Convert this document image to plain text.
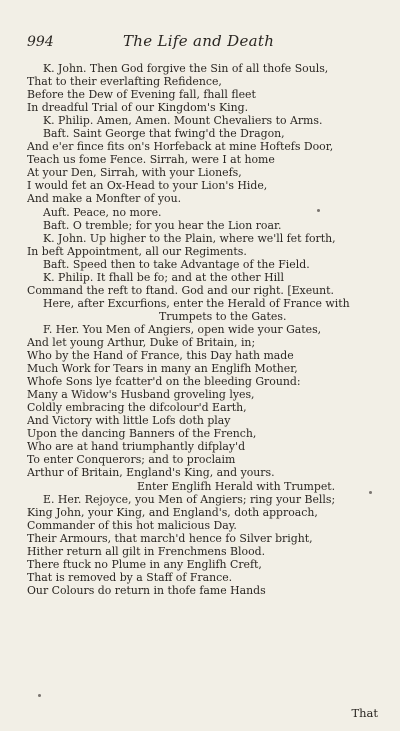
994	The Life and Death
K. John. Then God forgive the Sin of all thofe Souls,
That to their everlafting Refidence,
Before the Dew of Evening fall, fhall fleet
In dreadful Trial of our Kingdom's King.
K. Philip. Amen, Amen. Mount Chevaliers to Arms.
Baft. Saint George that fwing'd the Dragon,
And e'er fince fits on's Horfeback at mine Hoftefs Door,
Teach us fome Fence. Sirrah, were I at home
At your Den, Sirrah, with your Lionefs,
I would fet an Ox-Head to your Lion's Hide,
And make a Monfter of you.
Auft. Peace, no more.
Baft. O tremble; for you hear the Lion roar.
K. John. Up higher to the Plain, where we'll fet forth,
In beft Appointment, all our Regiments.
Baft. Speed then to take Advantage of the Field.
K. Philip. It fhall be fo; and at the other Hill
Command the reft to ftand. God and our right. [Exeunt.
Here, after Excurfions, enter the Herald of France with
Trumpets to the Gates.
F. Her. You Men of Angiers, open wide your Gates,
And let young Arthur, Duke of Britain, in;
Who by the Hand of France, this Day hath made
Much Work for Tears in many an Englifh Mother,
Whofe Sons lye fcatter'd on the bleeding Ground:
Many a Widow's Husband groveling lyes,
Coldly embracing the difcolour'd Earth,
And Victory with little Lofs doth play
Upon the dancing Banners of the French,
Who are at hand triumphantly difplay'd
To enter Conquerors; and to proclaim
Arthur of Britain, England's King, and yours.
Enter Englifh Herald with Trumpet.
E. Her. Rejoyce, you Men of Angiers; ring your Bells;
King John, your King, and England's, doth approach,
Commander of this hot malicious Day.
Their Armours, that march'd hence fo Silver bright,
Hither return all gilt in Frenchmens Blood.
There ftuck no Plume in any Englifh Creft,
That is removed by a Staff of France.
Our Colours do return in thofe fame Hands
That
